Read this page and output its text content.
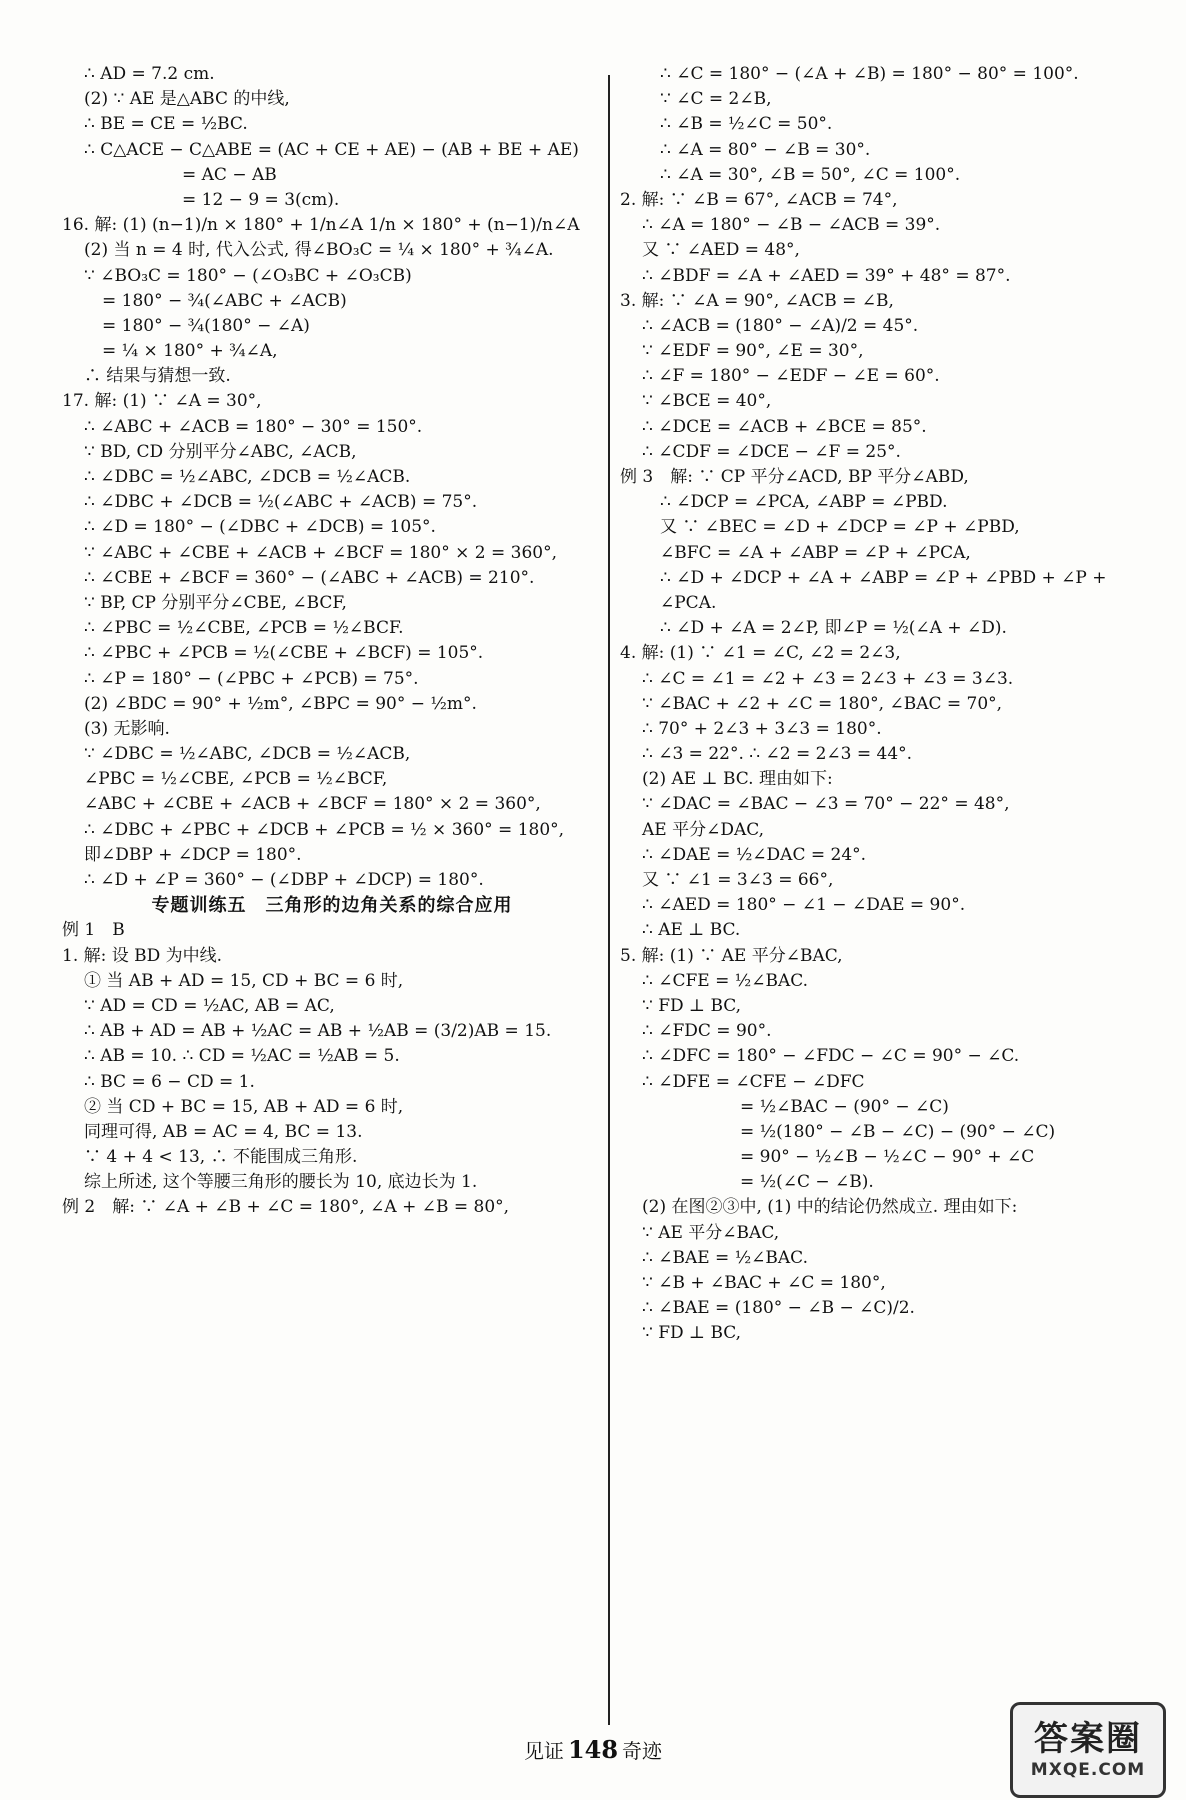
∴ AD = 7.2 cm.
(2) ∵ AE 是△ABC 的中线,
∴ BE = CE = ½BC.
∴ C△ACE − C△ABE = (AC + CE + AE) − (AB + BE + AE)
= AC − AB
= 12 − 9 = 3(cm).
16. 解: (1) (n−1)/n × 180° + 1/n∠A 1/n × 180° + (n−1)/n∠A
(2) 当 n = 4 时, 代入公式, 得∠BO₃C = ¼ × 180° + ¾∠A.
∵ ∠BO₃C = 180° − (∠O₃BC + ∠O₃CB)
= 180° − ¾(∠ABC + ∠ACB)
= 180° − ¾(180° − ∠A)
= ¼ × 180° + ¾∠A,
∴ 结果与猜想一致.
17. 解: (1) ∵ ∠A = 30°,
∴ ∠ABC + ∠ACB = 180° − 30° = 150°.
∵ BD, CD 分别平分∠ABC, ∠ACB,
∴ ∠DBC = ½∠ABC, ∠DCB = ½∠ACB.
∴ ∠DBC + ∠DCB = ½(∠ABC + ∠ACB) = 75°.
∴ ∠D = 180° − (∠DBC + ∠DCB) = 105°.
∵ ∠ABC + ∠CBE + ∠ACB + ∠BCF = 180° × 2 = 360°,
∴ ∠CBE + ∠BCF = 360° − (∠ABC + ∠ACB) = 210°.
∵ BP, CP 分别平分∠CBE, ∠BCF,
∴ ∠PBC = ½∠CBE, ∠PCB = ½∠BCF.
∴ ∠PBC + ∠PCB = ½(∠CBE + ∠BCF) = 105°.
∴ ∠P = 180° − (∠PBC + ∠PCB) = 75°.
(2) ∠BDC = 90° + ½m°, ∠BPC = 90° − ½m°.
(3) 无影响.
∵ ∠DBC = ½∠ABC, ∠DCB = ½∠ACB,
∠PBC = ½∠CBE, ∠PCB = ½∠BCF,
∠ABC + ∠CBE + ∠ACB + ∠BCF = 180° × 2 = 360°,
∴ ∠DBC + ∠PBC + ∠DCB + ∠PCB = ½ × 360° = 180°,
即∠DBP + ∠DCP = 180°.
∴ ∠D + ∠P = 360° − (∠DBP + ∠DCP) = 180°.
专题训练五　三角形的边角关系的综合应用
例 1　B
1. 解: 设 BD 为中线.
① 当 AB + AD = 15, CD + BC = 6 时,
∵ AD = CD = ½AC, AB = AC,
∴ AB + AD = AB + ½AC = AB + ½AB = (3/2)AB = 15.
∴ AB = 10. ∴ CD = ½AC = ½AB = 5.
∴ BC = 6 − CD = 1.
② 当 CD + BC = 15, AB + AD = 6 时,
同理可得, AB = AC = 4, BC = 13.
∵ 4 + 4 < 13, ∴ 不能围成三角形.
综上所述, 这个等腰三角形的腰长为 10, 底边长为 1.
例 2　解: ∵ ∠A + ∠B + ∠C = 180°, ∠A + ∠B = 80°,
∴ ∠C = 180° − (∠A + ∠B) = 180° − 80° = 100°.
∵ ∠C = 2∠B,
∴ ∠B = ½∠C = 50°.
∴ ∠A = 80° − ∠B = 30°.
∴ ∠A = 30°, ∠B = 50°, ∠C = 100°.
2. 解: ∵ ∠B = 67°, ∠ACB = 74°,
∴ ∠A = 180° − ∠B − ∠ACB = 39°.
又 ∵ ∠AED = 48°,
∴ ∠BDF = ∠A + ∠AED = 39° + 48° = 87°.
3. 解: ∵ ∠A = 90°, ∠ACB = ∠B,
∴ ∠ACB = (180° − ∠A)/2 = 45°.
∵ ∠EDF = 90°, ∠E = 30°,
∴ ∠F = 180° − ∠EDF − ∠E = 60°.
∵ ∠BCE = 40°,
∴ ∠DCE = ∠ACB + ∠BCE = 85°.
∴ ∠CDF = ∠DCE − ∠F = 25°.
例 3　解: ∵ CP 平分∠ACD, BP 平分∠ABD,
∴ ∠DCP = ∠PCA, ∠ABP = ∠PBD.
又 ∵ ∠BEC = ∠D + ∠DCP = ∠P + ∠PBD,
∠BFC = ∠A + ∠ABP = ∠P + ∠PCA,
∴ ∠D + ∠DCP + ∠A + ∠ABP = ∠P + ∠PBD + ∠P +
∠PCA.
∴ ∠D + ∠A = 2∠P, 即∠P = ½(∠A + ∠D).
4. 解: (1) ∵ ∠1 = ∠C, ∠2 = 2∠3,
∴ ∠C = ∠1 = ∠2 + ∠3 = 2∠3 + ∠3 = 3∠3.
∵ ∠BAC + ∠2 + ∠C = 180°, ∠BAC = 70°,
∴ 70° + 2∠3 + 3∠3 = 180°.
∴ ∠3 = 22°. ∴ ∠2 = 2∠3 = 44°.
(2) AE ⊥ BC. 理由如下:
∵ ∠DAC = ∠BAC − ∠3 = 70° − 22° = 48°,
AE 平分∠DAC,
∴ ∠DAE = ½∠DAC = 24°.
又 ∵ ∠1 = 3∠3 = 66°,
∴ ∠AED = 180° − ∠1 − ∠DAE = 90°.
∴ AE ⊥ BC.
5. 解: (1) ∵ AE 平分∠BAC,
∴ ∠CFE = ½∠BAC.
∵ FD ⊥ BC,
∴ ∠FDC = 90°.
∴ ∠DFC = 180° − ∠FDC − ∠C = 90° − ∠C.
∴ ∠DFE = ∠CFE − ∠DFC
= ½∠BAC − (90° − ∠C)
= ½(180° − ∠B − ∠C) − (90° − ∠C)
= 90° − ½∠B − ½∠C − 90° + ∠C
= ½(∠C − ∠B).
(2) 在图②③中, (1) 中的结论仍然成立. 理由如下:
∵ AE 平分∠BAC,
∴ ∠BAE = ½∠BAC.
∵ ∠B + ∠BAC + ∠C = 180°,
∴ ∠BAE = (180° − ∠B − ∠C)/2.
∵ FD ⊥ BC,
见证 148 奇迹	答案圈
MXQE.COM
